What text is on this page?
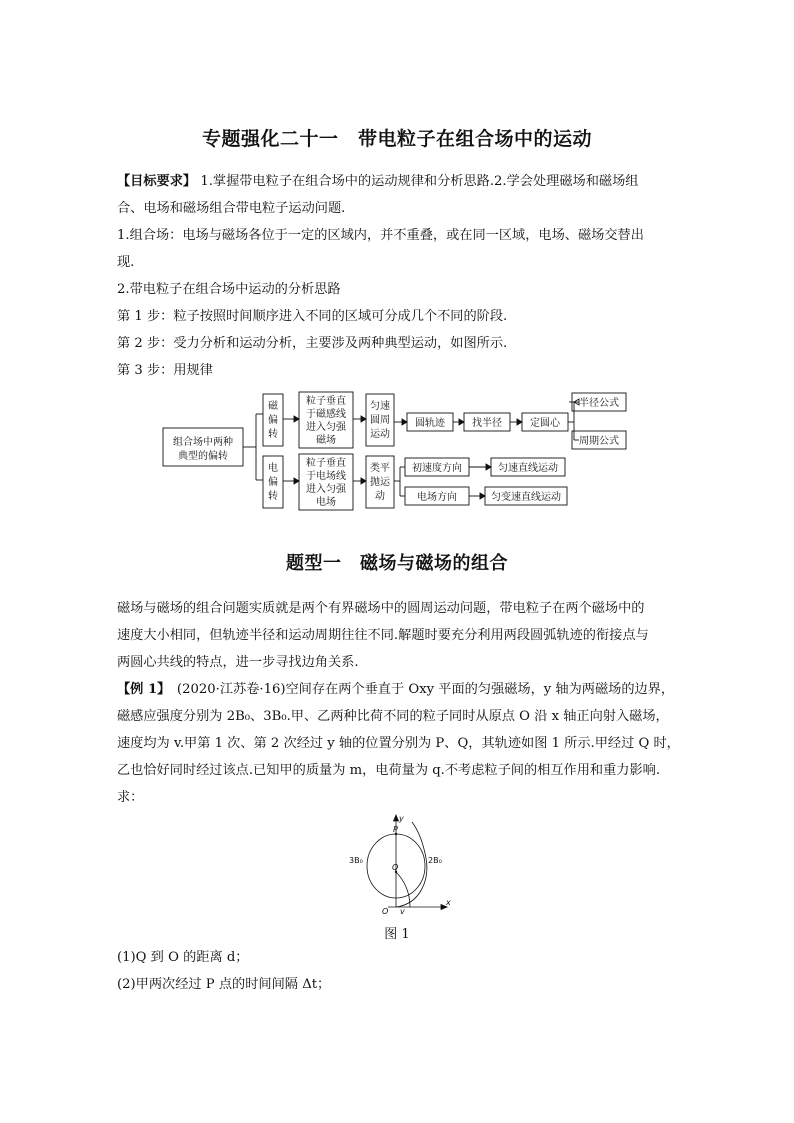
专题强化二十一　带电粒子在组合场中的运动
【目标要求】 1.掌握带电粒子在组合场中的运动规律和分析思路.2.学会处理磁场和磁场组
合、电场和磁场组合带电粒子运动问题.
1.组合场：电场与磁场各位于一定的区域内，并不重叠，或在同一区域，电场、磁场交替出
现.
2.带电粒子在组合场中运动的分析思路
第 1 步：粒子按照时间顺序进入不同的区域可分成几个不同的阶段.
第 2 步：受力分析和运动分析，主要涉及两种典型运动，如图所示.
第 3 步：用规律
组合场中两种
典型的偏转
磁
偏
转
粒子垂直
于磁感线
进入匀强
磁场
匀速
圆周
运动
圆轨迹	找半径	定圆心
半径公式
周期公式
电
偏
转
粒子垂直
于电场线
进入匀强
电场
类平
抛运
动
初速度方向
电场方向
匀速直线运动
匀变速直线运动
题型一　磁场与磁场的组合
磁场与磁场的组合问题实质就是两个有界磁场中的圆周运动问题，带电粒子在两个磁场中的
速度大小相同，但轨迹半径和运动周期往往不同.解题时要充分利用两段圆弧轨迹的衔接点与
两圆心共线的特点，进一步寻找边角关系.
【例 1】　(2020·江苏卷·16)空间存在两个垂直于 Oxy 平面的匀强磁场，y 轴为两磁场的边界，
磁感应强度分别为 2B₀、3B₀.甲、乙两种比荷不同的粒子同时从原点 O 沿 x 轴正向射入磁场，
速度均为 v.甲第 1 次、第 2 次经过 y 轴的位置分别为 P、Q，其轨迹如图 1 所示.甲经过 Q 时，
乙也恰好同时经过该点.已知甲的质量为 m，电荷量为 q.不考虑粒子间的相互作用和重力影响.
求：
y
x
P
Q
O v
3B₀	2B₀
图 1
(1)Q 到 O 的距离 d；
(2)甲两次经过 P 点的时间间隔 Δt；
